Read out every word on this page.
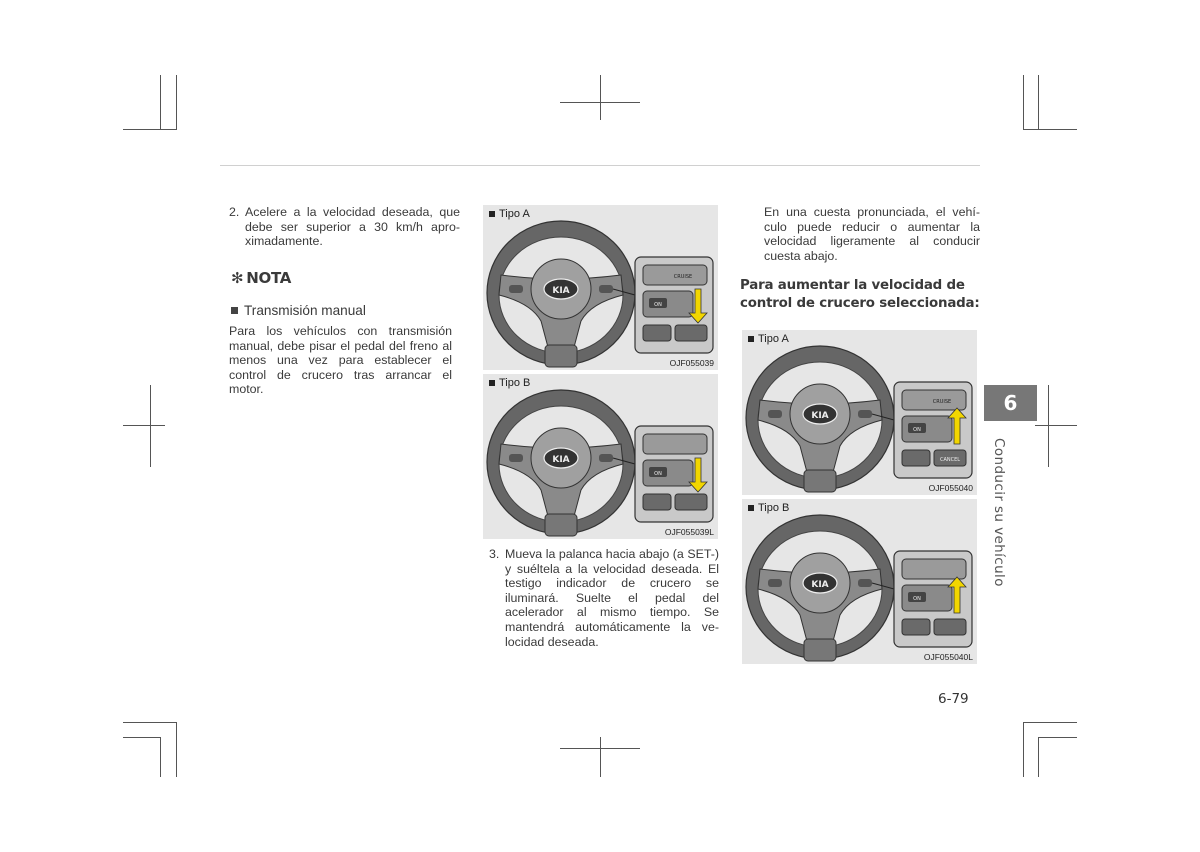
2. Acelere a la velocidad deseada, que debe ser superior a 30 km/h aproximadamente.
✻ NOTA
Transmisión manual

Para los vehículos con transmisión manual, debe pisar el pedal del freno al menos una vez para establecer el control de crucero tras arrancar el motor.

KIA
ON
CRUISE
Tipo A
OJF055039
KIA
ON
Tipo B
OJF055039L
3. Mueva la palanca hacia abajo (a SET-) y suéltela a la velocidad deseada. El testigo indicador de crucero se iluminará. Suelte el pedal del acelerador al mismo tiempo. Se mantendrá automáticamente la velocidad deseada.

En una cuesta pronunciada, el vehículo puede reducir o aumentar la velocidad ligeramente al conducir cuesta abajo.

Para aumentar la velocidad de
control de crucero seleccionada:
KIA
ON
CRUISE
CANCEL
Tipo A
OJF055040
KIA
ON
Tipo B
OJF055040L
6
Conducir su vehículo
6-79
